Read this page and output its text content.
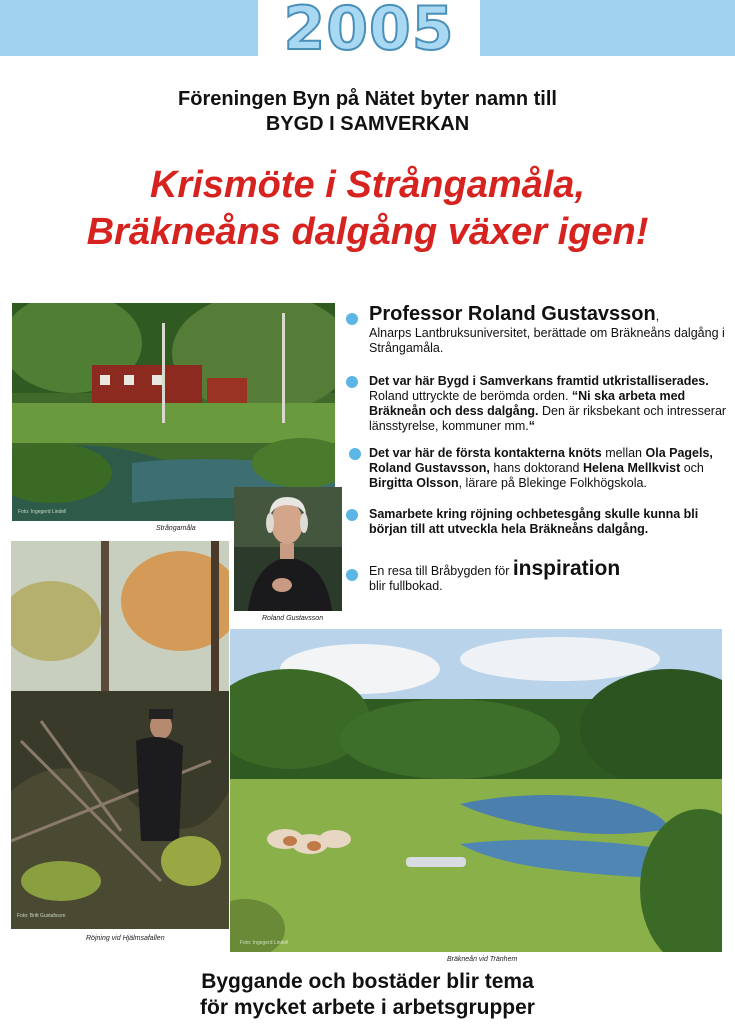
2005
Föreningen Byn på Nätet byter namn till
BYGD I SAMVERKAN
Krismöte i Strångamåla,
Bräkneåns dalgång växer igen!
Foto: Ingegerd Lindell
Strångamåla
Roland Gustavsson
Foto: Britt Gustafsson
Röjning vid Hjälmsafallen
Foto: Ingegerd Lindell
Bräkneån vid Tränhem
Professor Roland Gustavsson,
Alnarps Lantbruksuniversitet, berättade om Bräkneåns dalgång i Strångamåla.
Det var här Bygd i Samverkans framtid utkristalliserades. Roland uttryckte de berömda orden. “Ni ska arbeta med Bräkneån och dess dalgång. Den är riksbekant och intresserar länsstyrelse, kommuner mm.“
Det var här de första kontakterna knöts mellan Ola Pagels, Roland Gustavsson, hans doktorand Helena Mellkvist och Birgitta Olsson, lärare på Blekinge Folkhögskola.
Samarbete kring röjning ochbetesgång skulle kunna bli början till att utveckla hela Bräkneåns dalgång.
En resa till Bråbygden för inspiration
blir fullbokad.
Byggande och bostäder blir tema
för mycket arbete i arbetsgrupper
